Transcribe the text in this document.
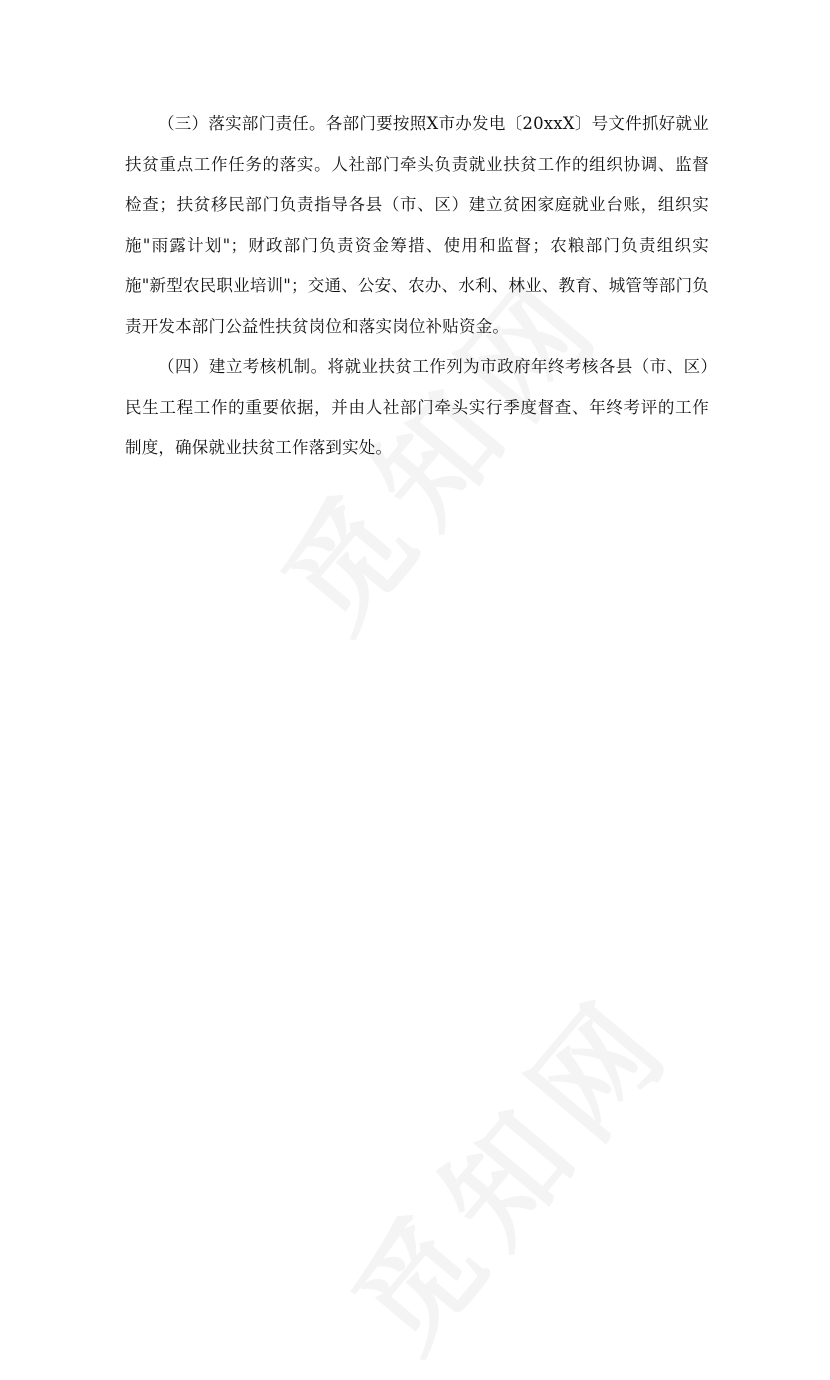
（三）落实部门责任。各部门要按照X市办发电〔20xxX〕号文件抓好就业扶贫重点工作任务的落实。人社部门牵头负责就业扶贫工作的组织协调、监督检查；扶贫移民部门负责指导各县（市、区）建立贫困家庭就业台账，组织实施"雨露计划"；财政部门负责资金筹措、使用和监督；农粮部门负责组织实施"新型农民职业培训"；交通、公安、农办、水利、林业、教育、城管等部门负责开发本部门公益性扶贫岗位和落实岗位补贴资金。

（四）建立考核机制。将就业扶贫工作列为市政府年终考核各县（市、区）民生工程工作的重要依据，并由人社部门牵头实行季度督查、年终考评的工作制度，确保就业扶贫工作落到实处。
